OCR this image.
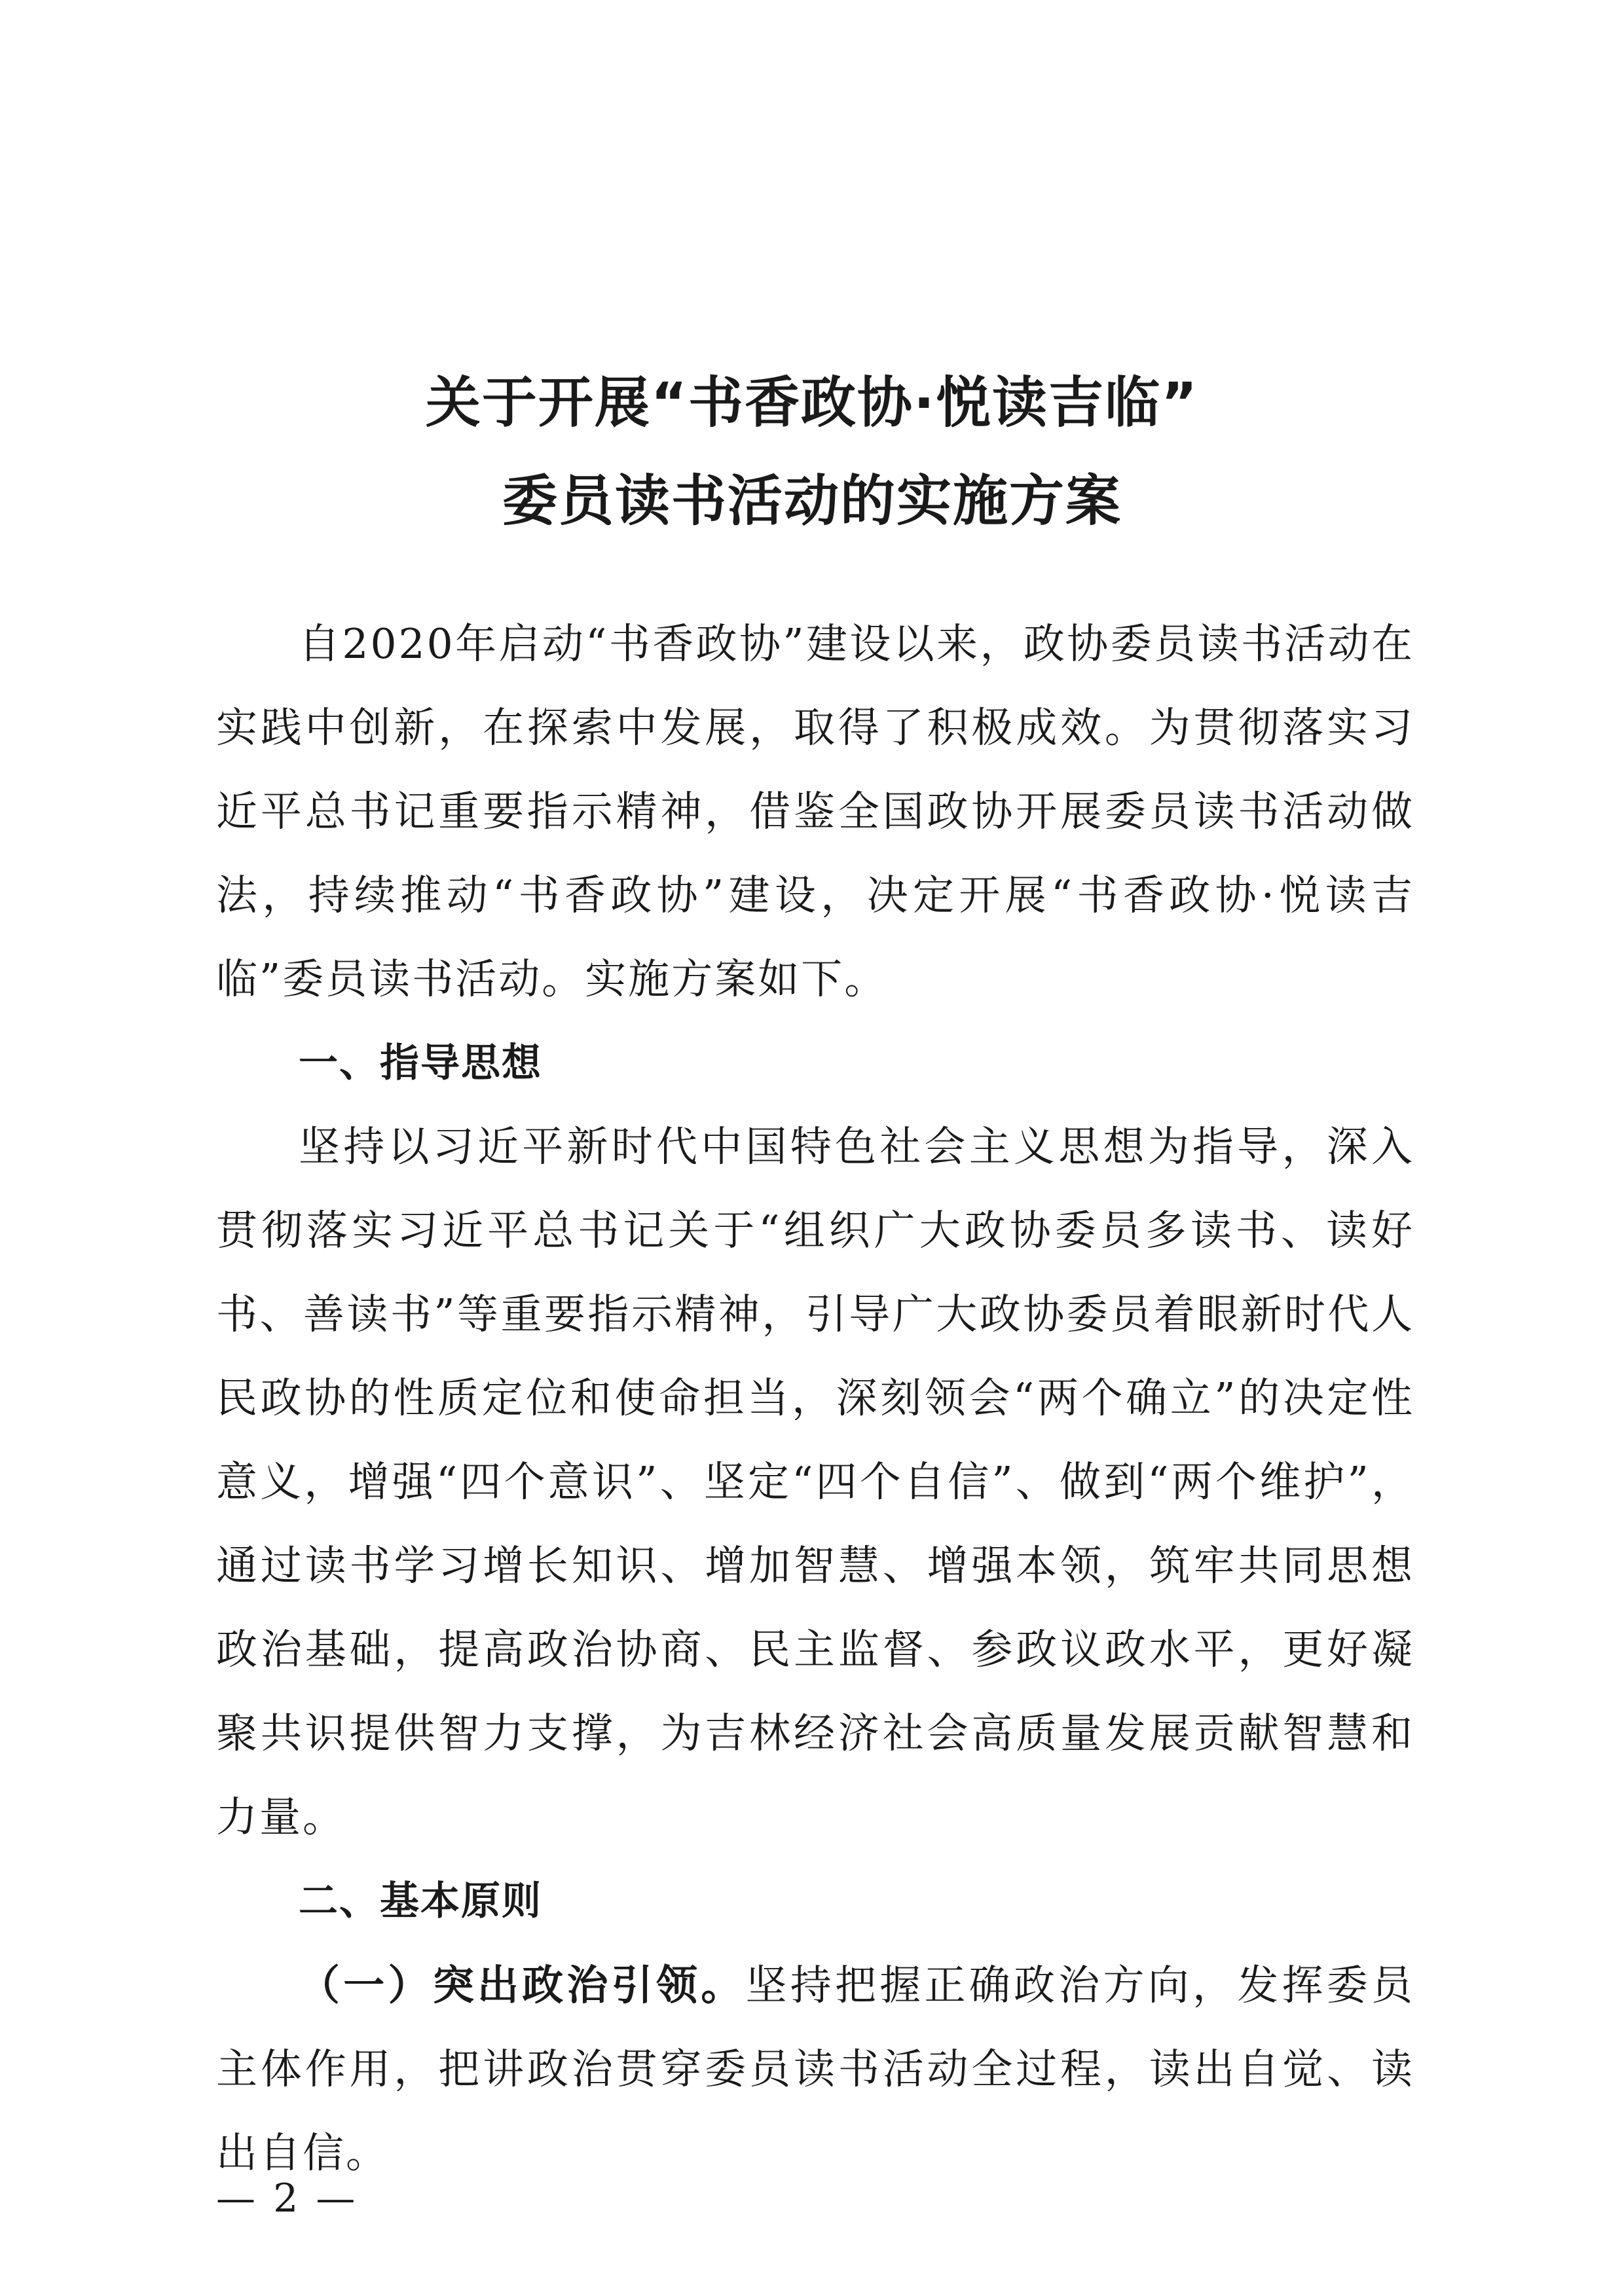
关于开展“书香政协·悦读吉临”
委员读书活动的实施方案

自2020年启动“书香政协”建设以来，政协委员读书活动在实践中创新，在探索中发展，取得了积极成效。为贯彻落实习近平总书记重要指示精神，借鉴全国政协开展委员读书活动做法，持续推动“书香政协”建设，决定开展“书香政协·悦读吉临”委员读书活动。实施方案如下。

一、指导思想

坚持以习近平新时代中国特色社会主义思想为指导，深入贯彻落实习近平总书记关于“组织广大政协委员多读书、读好书、善读书”等重要指示精神，引导广大政协委员着眼新时代人民政协的性质定位和使命担当，深刻领会“两个确立”的决定性意义，增强“四个意识”、坚定“四个自信”、做到“两个维护”，通过读书学习增长知识、增加智慧、增强本领，筑牢共同思想政治基础，提高政治协商、民主监督、参政议政水平，更好凝聚共识提供智力支撑，为吉林经济社会高质量发展贡献智慧和力量。

二、基本原则

（一）突出政治引领。坚持把握正确政治方向，发挥委员主体作用，把讲政治贯穿委员读书活动全过程，读出自觉、读出自信。

— 2 —
